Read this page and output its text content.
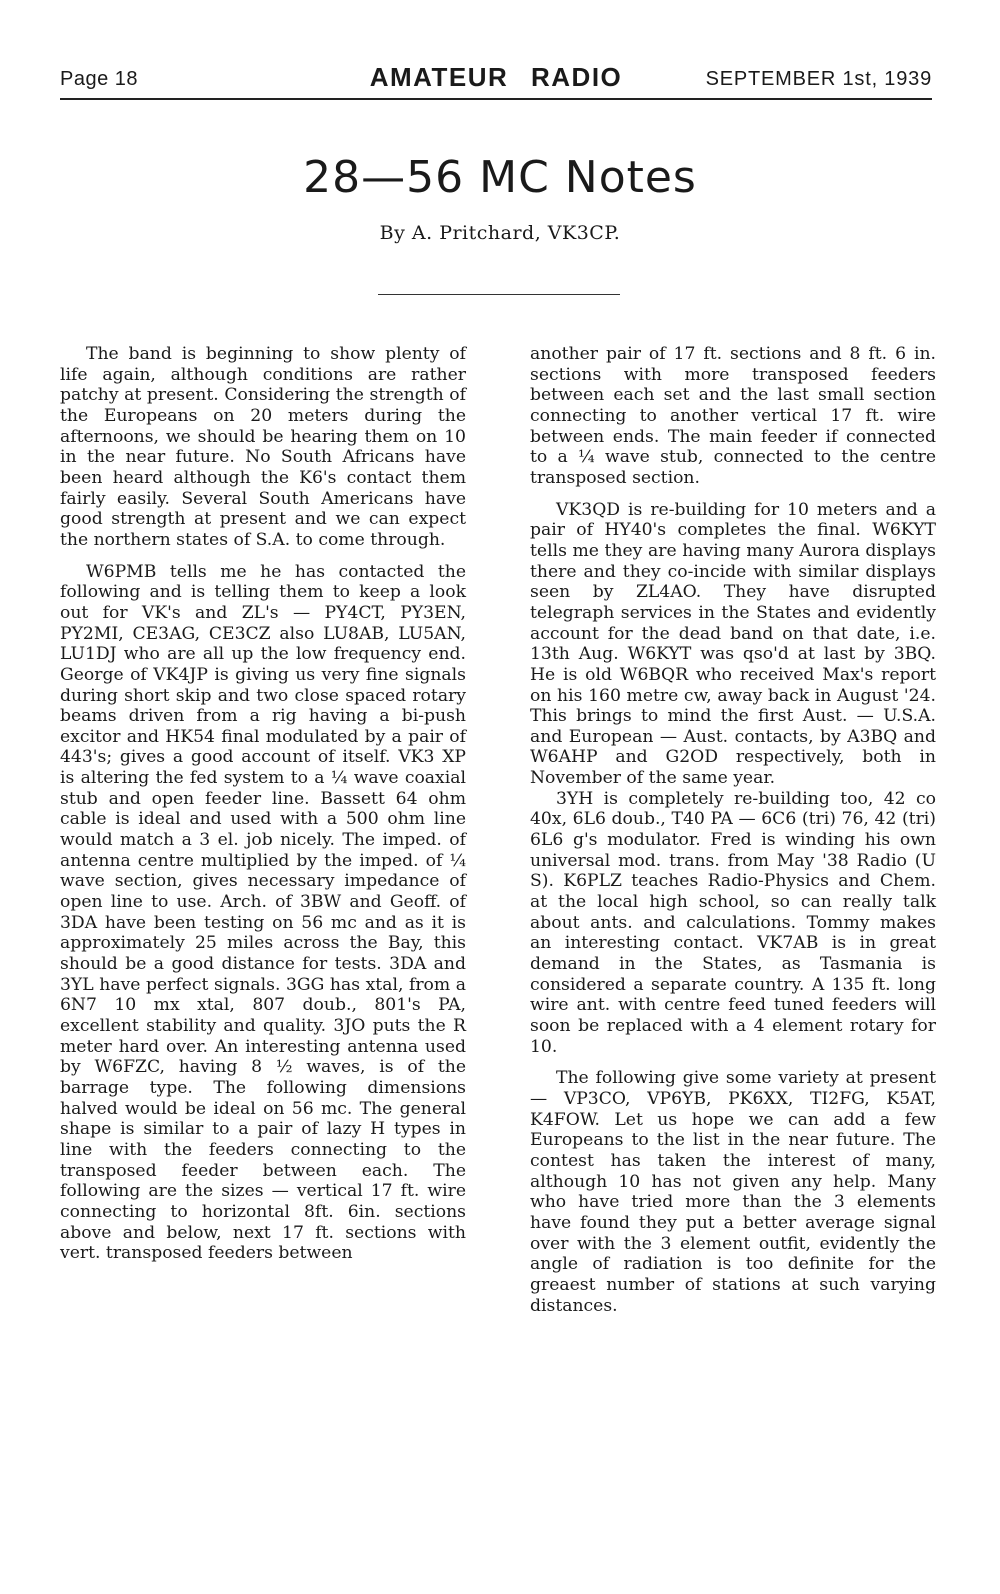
Page 18	AMATEUR RADIO	SEPTEMBER 1st, 1939
28—56 MC Notes
By A. Pritchard, VK3CP.

The band is beginning to show plenty of life again, although conditions are rather patchy at present. Considering the strength of the Europeans on 20 meters during the afternoons, we should be hearing them on 10 in the near future. No South Africans have been heard although the K6's contact them fairly easily. Several South Americans have good strength at present and we can expect the northern states of S.A. to come through.

W6PMB tells me he has contacted the following and is telling them to keep a look out for VK's and ZL's — PY4CT, PY3EN, PY2MI, CE3AG, CE3CZ also LU8AB, LU5AN, LU1DJ who are all up the low frequency end. George of VK4JP is giving us very fine signals during short skip and two close spaced rotary beams driven from a rig having a bi-push excitor and HK54 final modulated by a pair of 443's; gives a good account of itself. VK3 XP is altering the fed system to a ¼ wave coaxial stub and open feeder line. Bassett 64 ohm cable is ideal and used with a 500 ohm line would match a 3 el. job nicely. The imped. of antenna centre multiplied by the imped. of ¼ wave section, gives necessary impedance of open line to use. Arch. of 3BW and Geoff. of 3DA have been testing on 56 mc and as it is approximately 25 miles across the Bay, this should be a good distance for tests. 3DA and 3YL have perfect signals. 3GG has xtal, from a 6N7 10 mx xtal, 807 doub., 801's PA, excellent stability and quality. 3JO puts the R meter hard over. An interesting antenna used by W6FZC, having 8 ½ waves, is of the barrage type. The following dimensions halved would be ideal on 56 mc. The general shape is similar to a pair of lazy H types in line with the feeders connecting to the transposed feeder between each. The following are the sizes — vertical 17 ft. wire connecting to horizontal 8ft. 6in. sections above and below, next 17 ft. sections with vert. transposed feeders between

another pair of 17 ft. sections and 8 ft. 6 in. sections with more transposed feeders between each set and the last small section connecting to another vertical 17 ft. wire between ends. The main feeder if connected to a ¼ wave stub, connected to the centre transposed section.

VK3QD is re-building for 10 meters and a pair of HY40's completes the final. W6KYT tells me they are having many Aurora displays there and they co-incide with similar displays seen by ZL4AO. They have disrupted telegraph services in the States and evidently account for the dead band on that date, i.e. 13th Aug. W6KYT was qso'd at last by 3BQ. He is old W6BQR who received Max's report on his 160 metre cw, away back in August '24. This brings to mind the first Aust. — U.S.A. and European — Aust. contacts, by A3BQ and W6AHP and G2OD respectively, both in November of the same year.

3YH is completely re-building too, 42 co 40x, 6L6 doub., T40 PA — 6C6 (tri) 76, 42 (tri) 6L6 g's modulator. Fred is winding his own universal mod. trans. from May '38 Radio (U S). K6PLZ teaches Radio-Physics and Chem. at the local high school, so can really talk about ants. and calculations. Tommy makes an interesting contact. VK7AB is in great demand in the States, as Tasmania is considered a separate country. A 135 ft. long wire ant. with centre feed tuned feeders will soon be replaced with a 4 element rotary for 10.

The following give some variety at present — VP3CO, VP6YB, PK6XX, TI2FG, K5AT, K4FOW. Let us hope we can add a few Europeans to the list in the near future. The contest has taken the interest of many, although 10 has not given any help. Many who have tried more than the 3 elements have found they put a better average signal over with the 3 element outfit, evidently the angle of radiation is too definite for the greaest number of stations at such varying distances.
